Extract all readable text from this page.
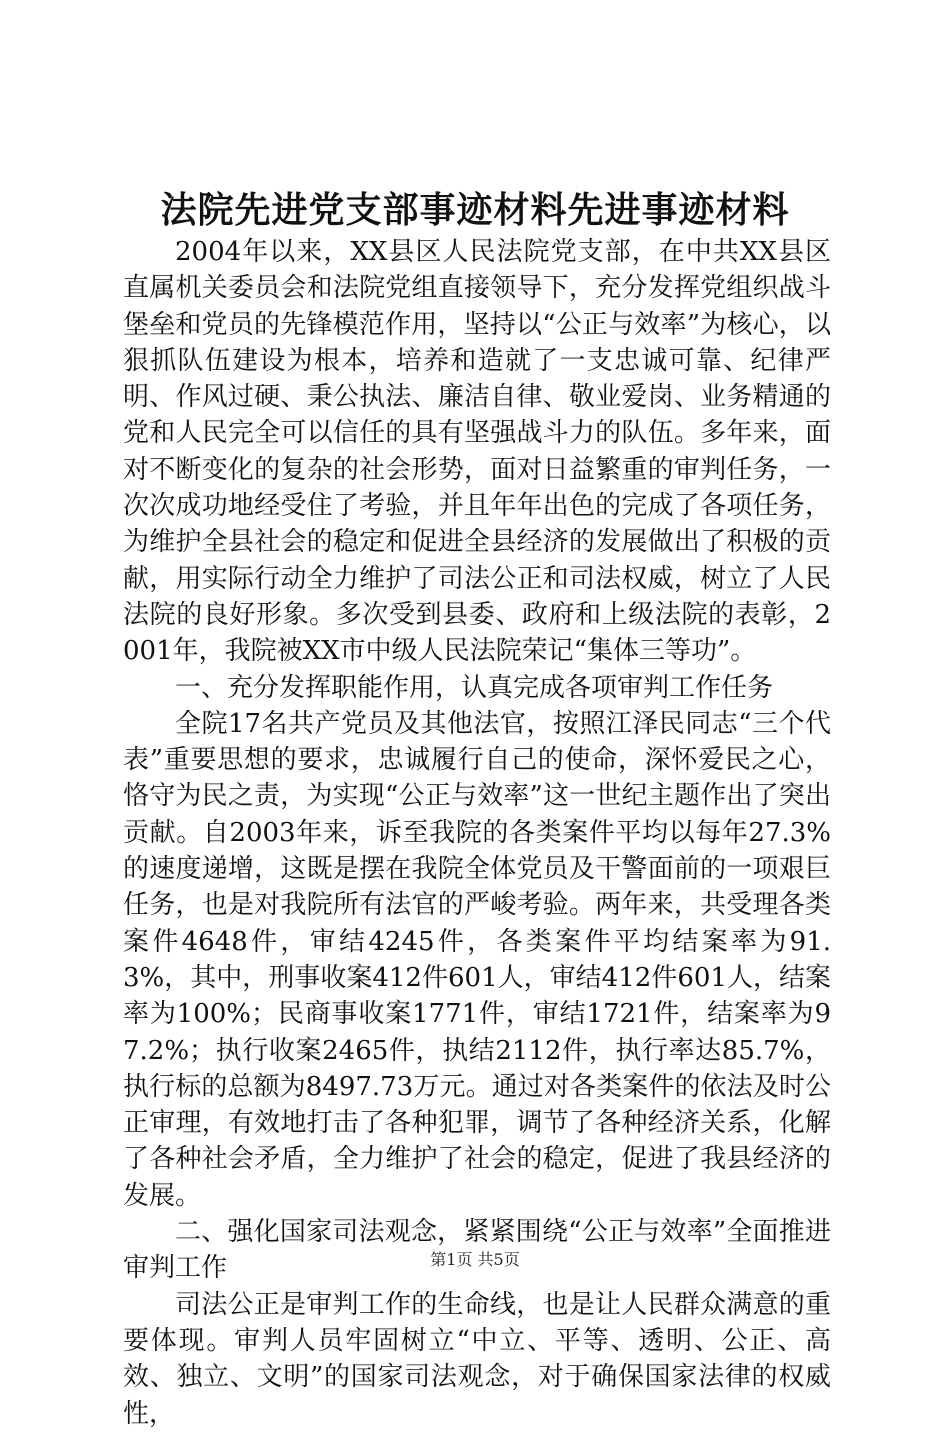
法院先进党支部事迹材料先进事迹材料

2004年以来，XX县区人民法院党支部，在中共XX县区直属机关委员会和法院党组直接领导下，充分发挥党组织战斗堡垒和党员的先锋模范作用，坚持以“公正与效率”为核心，以狠抓队伍建设为根本，培养和造就了一支忠诚可靠、纪律严明、作风过硬、秉公执法、廉洁自律、敬业爱岗、业务精通的党和人民完全可以信任的具有坚强战斗力的队伍。多年来，面对不断变化的复杂的社会形势，面对日益繁重的审判任务，一次次成功地经受住了考验，并且年年出色的完成了各项任务，为维护全县社会的稳定和促进全县经济的发展做出了积极的贡献，用实际行动全力维护了司法公正和司法权威，树立了人民法院的良好形象。多次受到县委、政府和上级法院的表彰，2001年，我院被XX市中级人民法院荣记“集体三等功”。

一、充分发挥职能作用，认真完成各项审判工作任务

全院17名共产党员及其他法官，按照江泽民同志“三个代表”重要思想的要求，忠诚履行自己的使命，深怀爱民之心，恪守为民之责，为实现“公正与效率”这一世纪主题作出了突出贡献。自2003年来，诉至我院的各类案件平均以每年27.3%的速度递增，这既是摆在我院全体党员及干警面前的一项艰巨任务，也是对我院所有法官的严峻考验。两年来，共受理各类案件4648件，审结4245件，各类案件平均结案率为91.3%，其中，刑事收案412件601人，审结412件601人，结案率为100%；民商事收案1771件，审结1721件，结案率为97.2%；执行收案2465件，执结2112件，执行率达85.7%，执行标的总额为8497.73万元。通过对各类案件的依法及时公正审理，有效地打击了各种犯罪，调节了各种经济关系，化解了各种社会矛盾，全力维护了社会的稳定，促进了我县经济的发展。

二、强化国家司法观念，紧紧围绕“公正与效率”全面推进审判工作

司法公正是审判工作的生命线，也是让人民群众满意的重要体现。审判人员牢固树立“中立、平等、透明、公正、高效、独立、文明”的国家司法观念，对于确保国家法律的权威性，

第1页 共5页
